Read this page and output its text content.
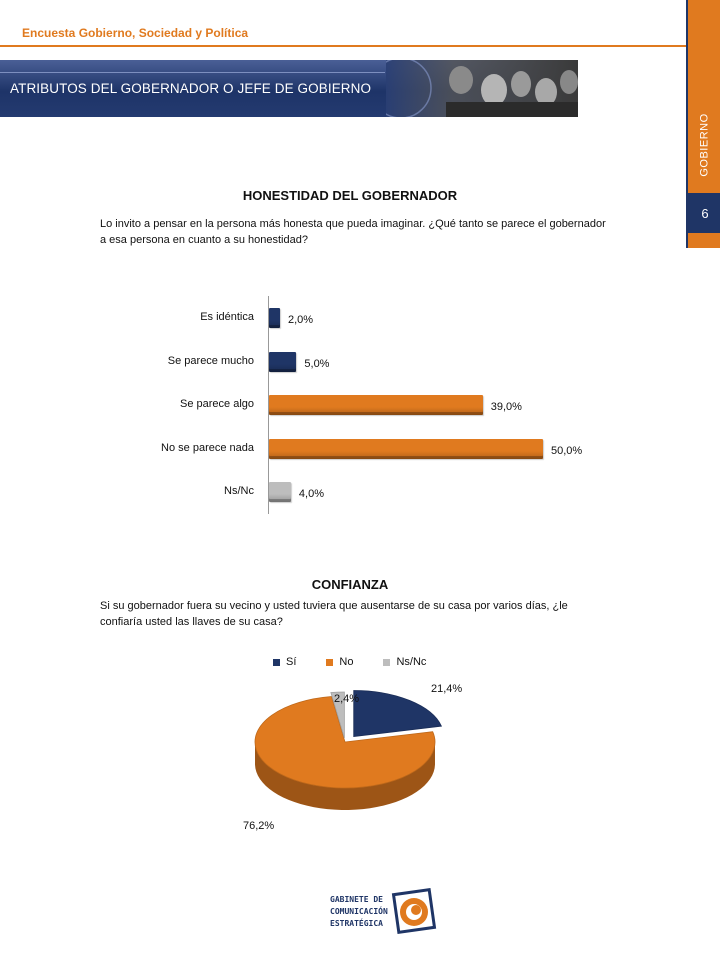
Encuesta Gobierno, Sociedad y Política
GOBIERNO
6
ATRIBUTOS DEL GOBERNADOR O JEFE DE GOBIERNO
HONESTIDAD DEL GOBERNADOR
Lo invito a pensar en la persona más honesta que pueda imaginar. ¿Qué tanto se parece el gobernador a esa persona en cuanto a su honestidad?
Es idéntica	2,0%
Se parece mucho	5,0%
Se parece algo	39,0%
No se parece nada	50,0%
Ns/Nc	4,0%
CONFIANZA
Si su gobernador fuera su vecino y usted tuviera que ausentarse de su casa por varios días, ¿le confiaría usted las llaves de su casa?
Sí	No	Ns/Nc
21,4%
76,2%
2,4%
GABINETE DE
COMUNICACIÓN
ESTRATÉGICA
